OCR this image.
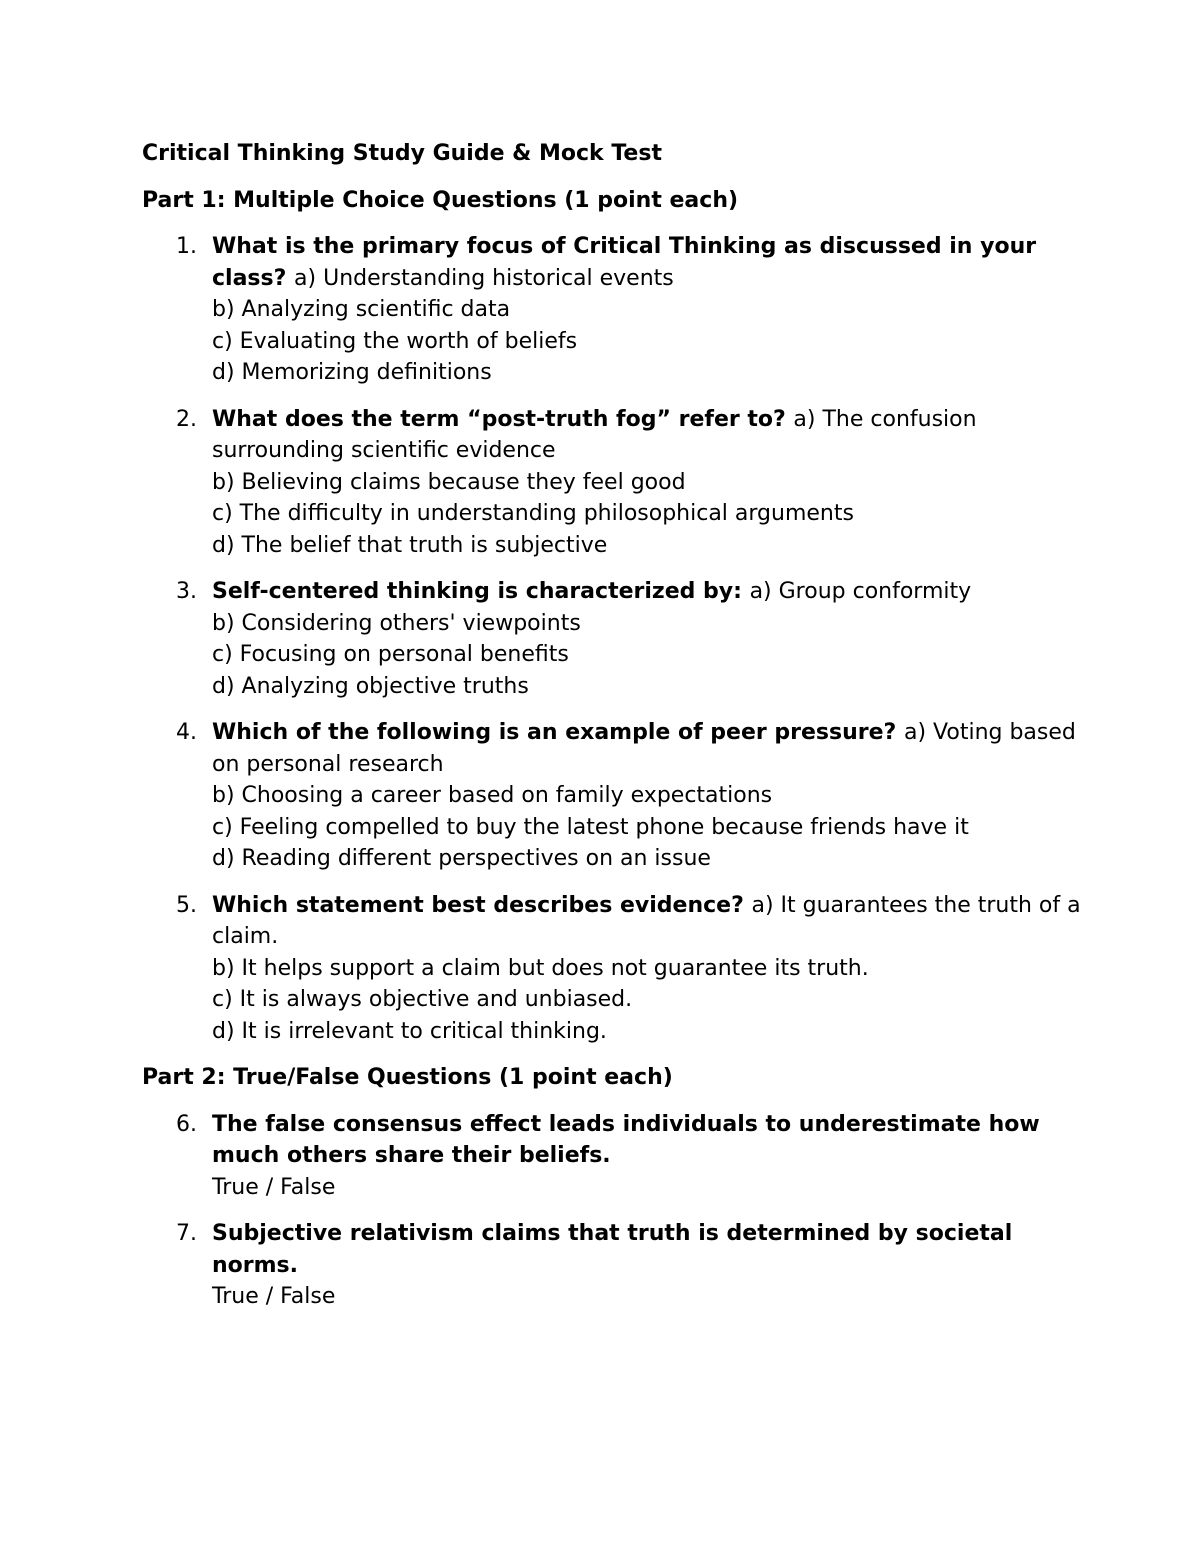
Critical Thinking Study Guide & Mock Test
Part 1: Multiple Choice Questions (1 point each)
1. What is the primary focus of Critical Thinking as discussed in your class? a) Understanding historical events
b) Analyzing scientific data
c) Evaluating the worth of beliefs
d) Memorizing definitions
2. What does the term “post-truth fog” refer to? a) The confusion surrounding scientific evidence
b) Believing claims because they feel good
c) The difficulty in understanding philosophical arguments
d) The belief that truth is subjective
3. Self-centered thinking is characterized by: a) Group conformity
b) Considering others' viewpoints
c) Focusing on personal benefits
d) Analyzing objective truths
4. Which of the following is an example of peer pressure? a) Voting based on personal research
b) Choosing a career based on family expectations
c) Feeling compelled to buy the latest phone because friends have it
d) Reading different perspectives on an issue
5. Which statement best describes evidence? a) It guarantees the truth of a claim.
b) It helps support a claim but does not guarantee its truth.
c) It is always objective and unbiased.
d) It is irrelevant to critical thinking.
Part 2: True/False Questions (1 point each)
6. The false consensus effect leads individuals to underestimate how much others share their beliefs.
True / False
7. Subjective relativism claims that truth is determined by societal norms.
True / False
